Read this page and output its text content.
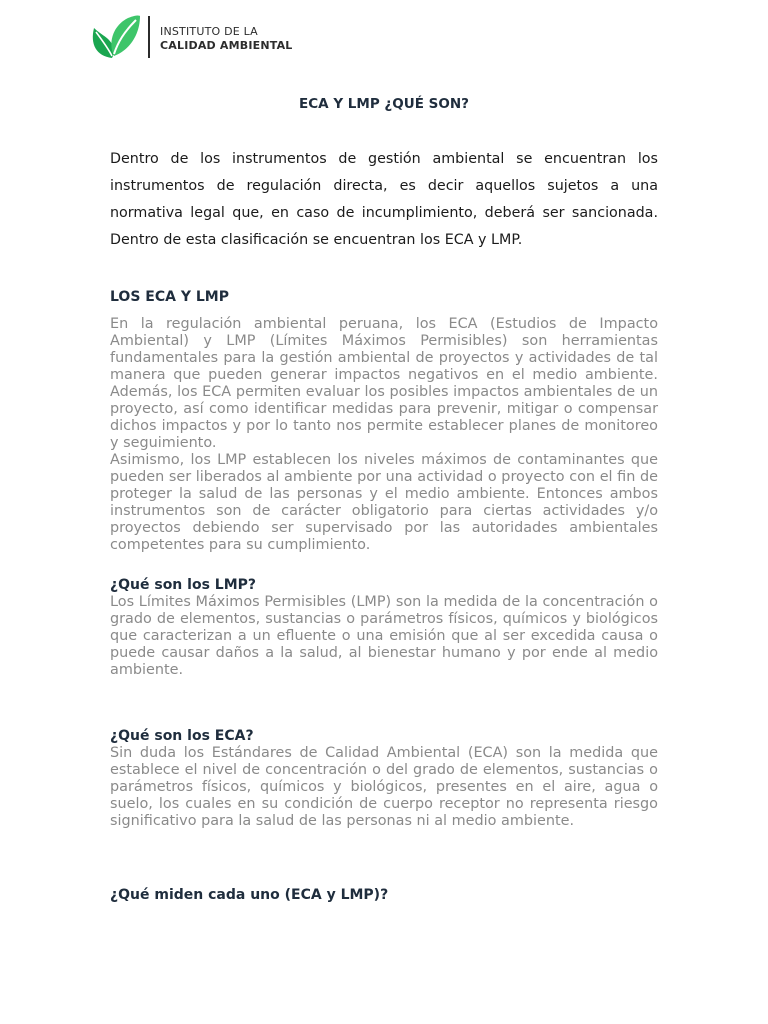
INSTITUTO DE LA
CALIDAD AMBIENTAL
ECA Y LMP ¿QUÉ SON?

Dentro de los instrumentos de gestión ambiental se encuentran los instrumentos de regulación directa, es decir aquellos sujetos a una normativa legal que, en caso de incumplimiento, deberá ser sancionada. Dentro de esta clasificación se encuentran los ECA y LMP.

LOS ECA Y LMP

En la regulación ambiental peruana, los ECA (Estudios de Impacto Ambiental) y LMP (Límites Máximos Permisibles) son herramientas fundamentales para la gestión ambiental de proyectos y actividades de tal manera que pueden generar impactos negativos en el medio ambiente. Además, los ECA permiten evaluar los posibles impactos ambientales de un proyecto, así como identificar medidas para prevenir, mitigar o compensar dichos impactos y por lo tanto nos permite establecer planes de monitoreo y seguimiento.

Asimismo, los LMP establecen los niveles máximos de contaminantes que pueden ser liberados al ambiente por una actividad o proyecto con el fin de proteger la salud de las personas y el medio ambiente. Entonces ambos instrumentos son de carácter obligatorio para ciertas actividades y/o proyectos debiendo ser supervisado por las autoridades ambientales competentes para su cumplimiento.

¿Qué son los LMP?

Los Límites Máximos Permisibles (LMP) son la medida de la concentración o grado de elementos, sustancias o parámetros físicos, químicos y biológicos que caracterizan a un efluente o una emisión que al ser excedida causa o puede causar daños a la salud, al bienestar humano y por ende al medio ambiente.

¿Qué son los ECA?

Sin duda los Estándares de Calidad Ambiental (ECA) son la medida que establece el nivel de concentración o del grado de elementos, sustancias o parámetros físicos, químicos y biológicos, presentes en el aire, agua o suelo, los cuales en su condición de cuerpo receptor no representa riesgo significativo para la salud de las personas ni al medio ambiente.

¿Qué miden cada uno (ECA y LMP)?
